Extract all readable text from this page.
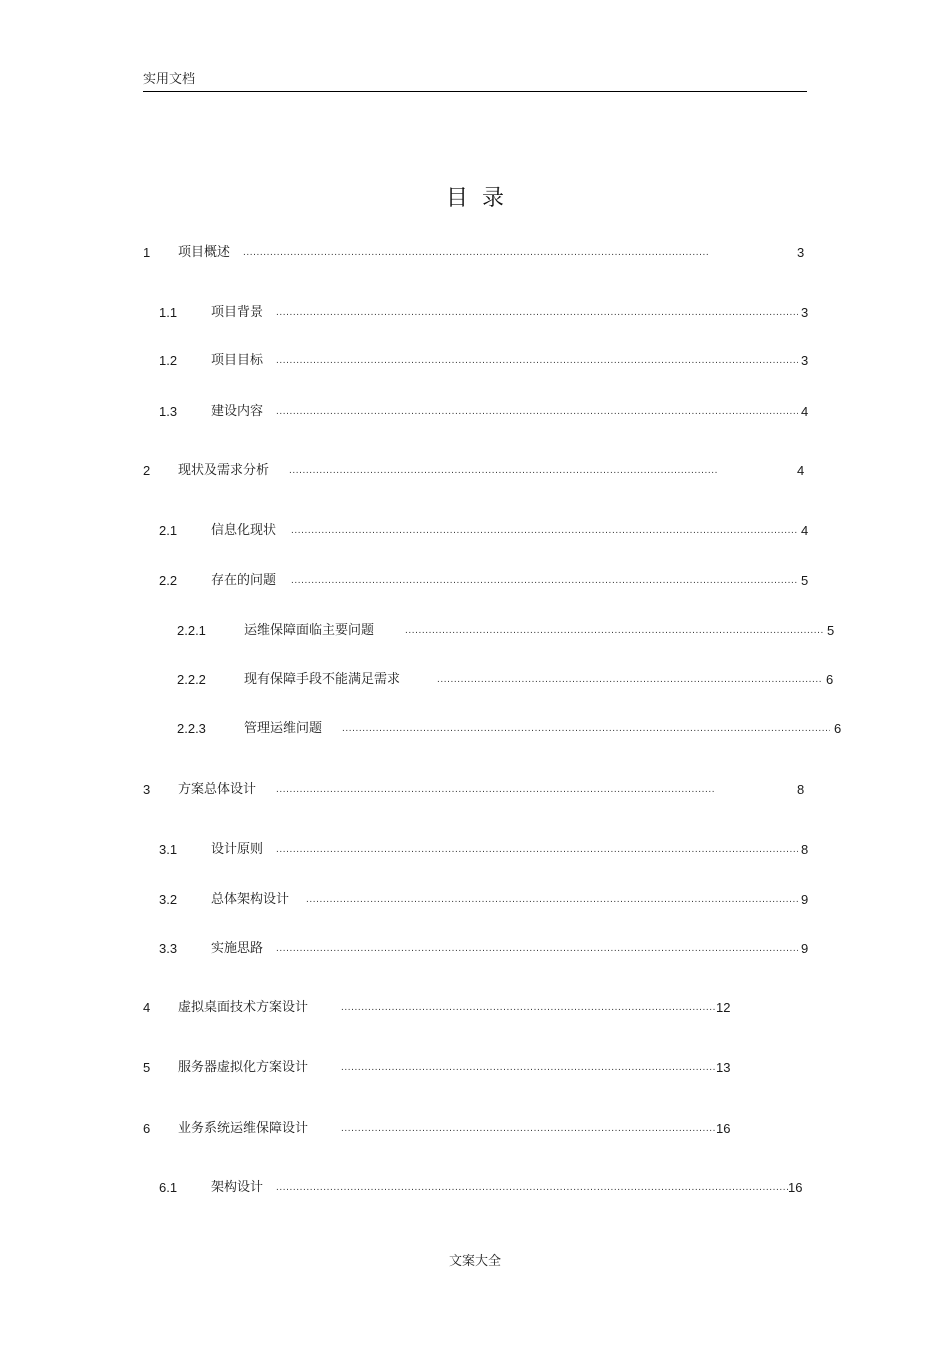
实用文档
目录
1 项目概述 .....	3
1.1	项目背景 .....	3
1.2	项目目标 .....	3
1.3	建设内容 .....	4
2 现状及需求分析 .....	4
2.1	信息化现状 .....	4
2.2	存在的问题 .....	5
2.2.1	运维保障面临主要问题 .....	5
2.2.2	现有保障手段不能满足需求 .....	6
2.2.3	管理运维问题 .....	6
3 方案总体设计 .....	8
3.1	设计原则 .....	8
3.2	总体架构设计 .....	9
3.3	实施思路 .....	9
4 虚拟桌面技术方案设计 .....	12
5 服务器虚拟化方案设计 .....	13
6 业务系统运维保障设计 .....	16
6.1	架构设计 .....	16
文案大全
